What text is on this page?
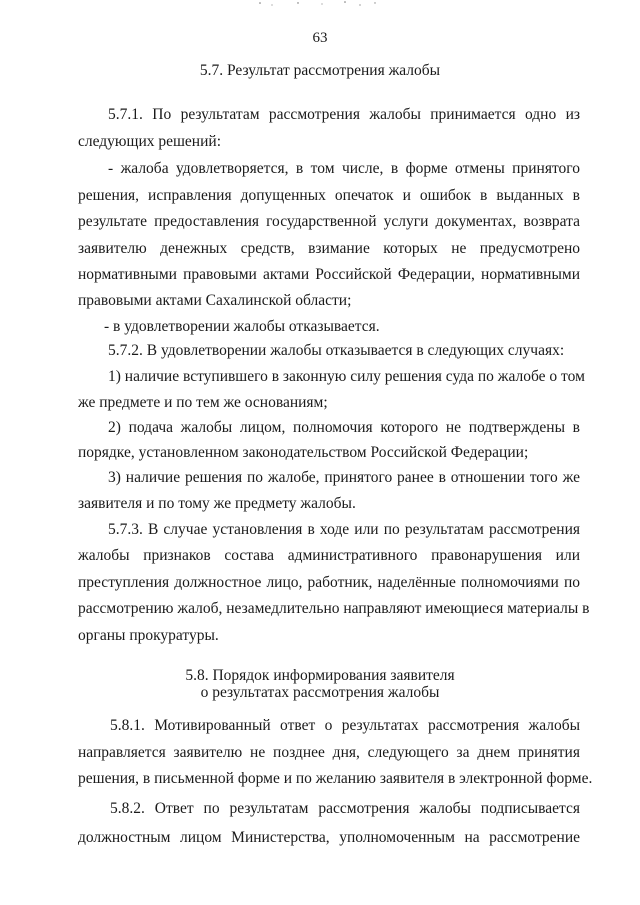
63
5.7. Результат рассмотрения жалобы
5.7.1. По результатам рассмотрения жалобы принимается одно из
следующих решений:
- жалоба удовлетворяется, в том числе, в форме отмены принятого
решения, исправления допущенных опечаток и ошибок в выданных в
результате предоставления государственной услуги документах, возврата
заявителю денежных средств, взимание которых не предусмотрено
нормативными правовыми актами Российской Федерации, нормативными
правовыми актами Сахалинской области;
- в удовлетворении жалобы отказывается.
5.7.2. В удовлетворении жалобы отказывается в следующих случаях:
1) наличие вступившего в законную силу решения суда по жалобе о том
же предмете и по тем же основаниям;
2) подача жалобы лицом, полномочия которого не подтверждены в
порядке, установленном законодательством Российской Федерации;
3) наличие решения по жалобе, принятого ранее в отношении того же
заявителя и по тому же предмету жалобы.
5.7.3. В случае установления в ходе или по результатам рассмотрения
жалобы признаков состава административного правонарушения или
преступления должностное лицо, работник, наделённые полномочиями по
рассмотрению жалоб, незамедлительно направляют имеющиеся материалы в
органы прокуратуры.
5.8. Порядок информирования заявителя
о результатах рассмотрения жалобы
5.8.1. Мотивированный ответ о результатах рассмотрения жалобы
направляется заявителю не позднее дня, следующего за днем принятия
решения, в письменной форме и по желанию заявителя в электронной форме.
5.8.2. Ответ по результатам рассмотрения жалобы подписывается
должностным лицом Министерства, уполномоченным на рассмотрение
